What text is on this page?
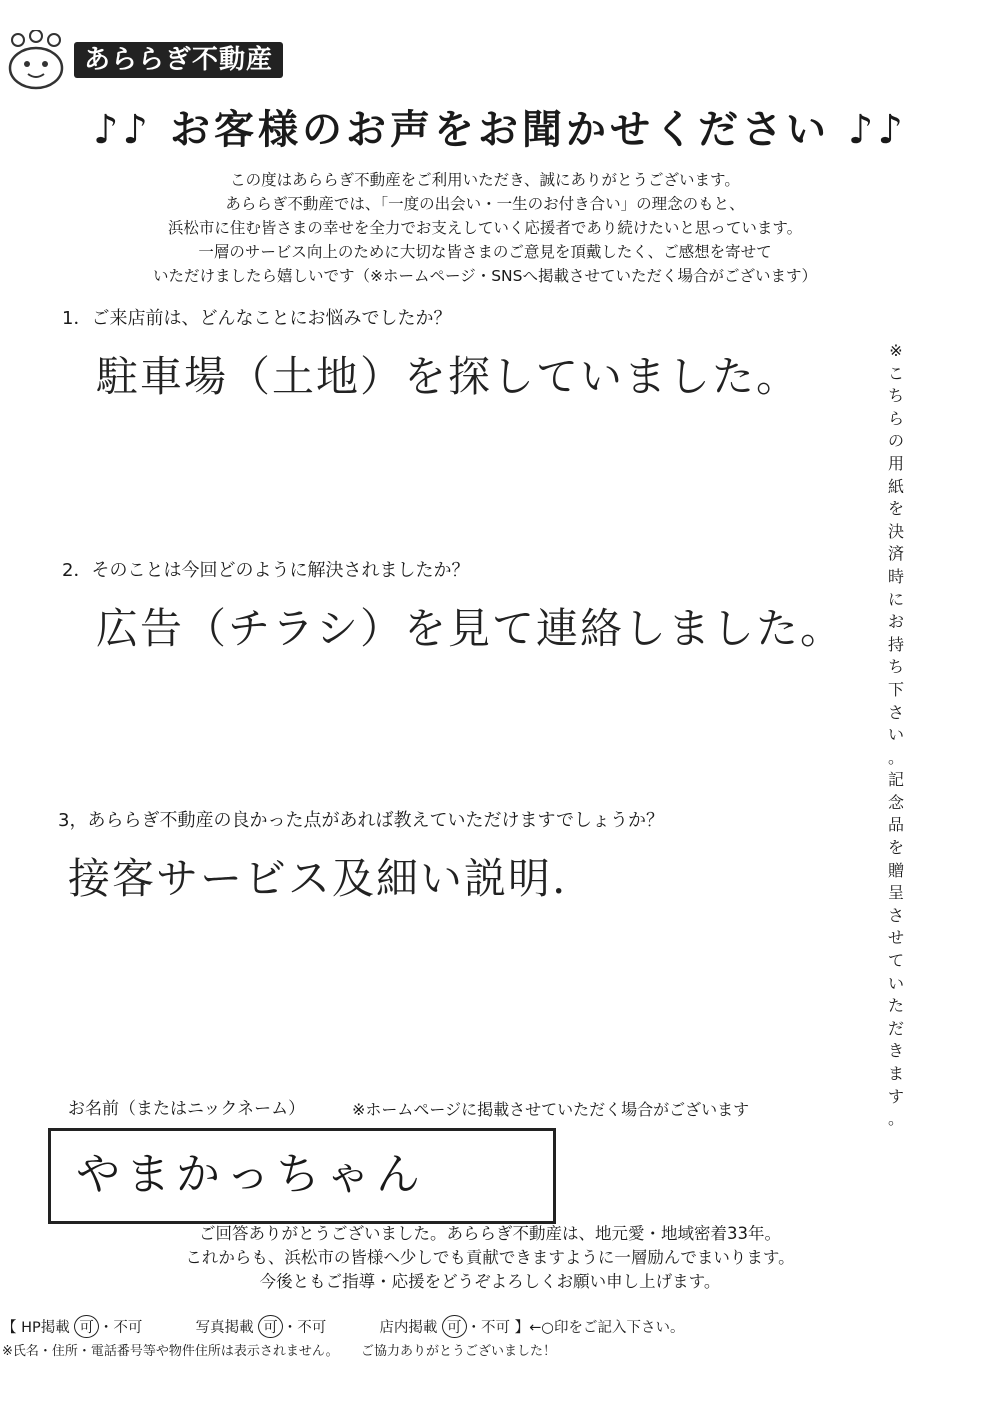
あららぎ不動産
♪♪ お客様のお声をお聞かせください ♪♪
この度はあららぎ不動産をご利用いただき、誠にありがとうございます。
あららぎ不動産では、「一度の出会い・一生のお付き合い」の理念のもと、
浜松市に住む皆さまの幸せを全力でお支えしていく応援者であり続けたいと思っています。
一層のサービス向上のために大切な皆さまのご意見を頂戴したく、ご感想を寄せて
いただけましたら嬉しいです（※ホームページ・SNSへ掲載させていただく場合がございます）
1．ご来店前は、どんなことにお悩みでしたか？
駐車場（土地）を探していました。
2．そのことは今回どのように解決されましたか？
広告（チラシ）を見て連絡しました。
3，あららぎ不動産の良かった点があれば教えていただけますでしょうか？
接客サービス及細い説明.
※
こ
ち
ら
の
用
紙
を
決
済
時
に
お
持
ち
下
さ
い
。
記
念
品
を
贈
呈
さ
せ
て
い
た
だ
き
ま
す
。
お名前（またはニックネーム）	※ホームページに掲載させていただく場合がございます
やまかっちゃん
ご回答ありがとうございました。あららぎ不動産は、地元愛・地域密着33年。
これからも、浜松市の皆様へ少しでも貢献できますように一層励んでまいります。
今後ともご指導・応援をどうぞよろしくお願い申し上げます。
【 HP掲載 可 ・不可	写真掲載 可 ・不可	店内掲載 可 ・不可 】←○印をご記入下さい。
※氏名・住所・電話番号等や物件住所は表示されません。 ご協力ありがとうございました！
